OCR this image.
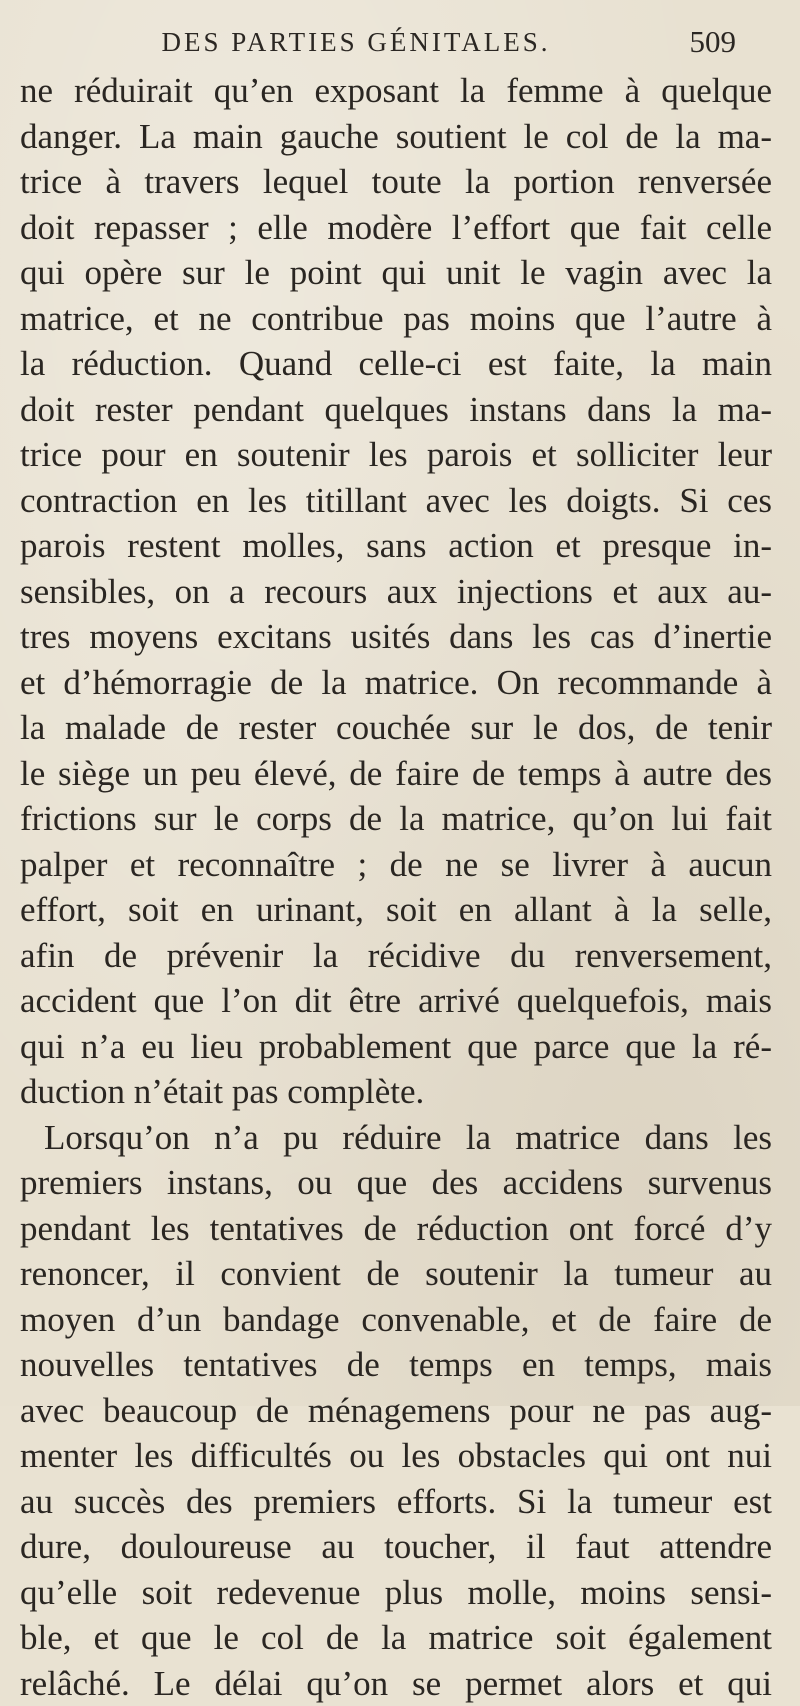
DES PARTIES GÉNITALES.	509
ne réduirait qu’en exposant la femme à quelque
danger. La main gauche soutient le col de la ma-
trice à travers lequel toute la portion renversée
doit repasser ; elle modère l’effort que fait celle
qui opère sur le point qui unit le vagin avec la
matrice, et ne contribue pas moins que l’autre à
la réduction. Quand celle-ci est faite, la main
doit rester pendant quelques instans dans la ma-
trice pour en soutenir les parois et solliciter leur
contraction en les titillant avec les doigts. Si ces
parois restent molles, sans action et presque in-
sensibles, on a recours aux injections et aux au-
tres moyens excitans usités dans les cas d’inertie
et d’hémorragie de la matrice. On recommande à
la malade de rester couchée sur le dos, de tenir
le siège un peu élevé, de faire de temps à autre des
frictions sur le corps de la matrice, qu’on lui fait
palper et reconnaître ; de ne se livrer à aucun
effort, soit en urinant, soit en allant à la selle,
afin de prévenir la récidive du renversement,
accident que l’on dit être arrivé quelquefois, mais
qui n’a eu lieu probablement que parce que la ré-
duction n’était pas complète.
Lorsqu’on n’a pu réduire la matrice dans les
premiers instans, ou que des accidens survenus
pendant les tentatives de réduction ont forcé d’y
renoncer, il convient de soutenir la tumeur au
moyen d’un bandage convenable, et de faire de
nouvelles tentatives de temps en temps, mais
avec beaucoup de ménagemens pour ne pas aug-
menter les difficultés ou les obstacles qui ont nui
au succès des premiers efforts. Si la tumeur est
dure, douloureuse au toucher, il faut attendre
qu’elle soit redevenue plus molle, moins sensi-
ble, et que le col de la matrice soit également
relâché. Le délai qu’on se permet alors et qui
